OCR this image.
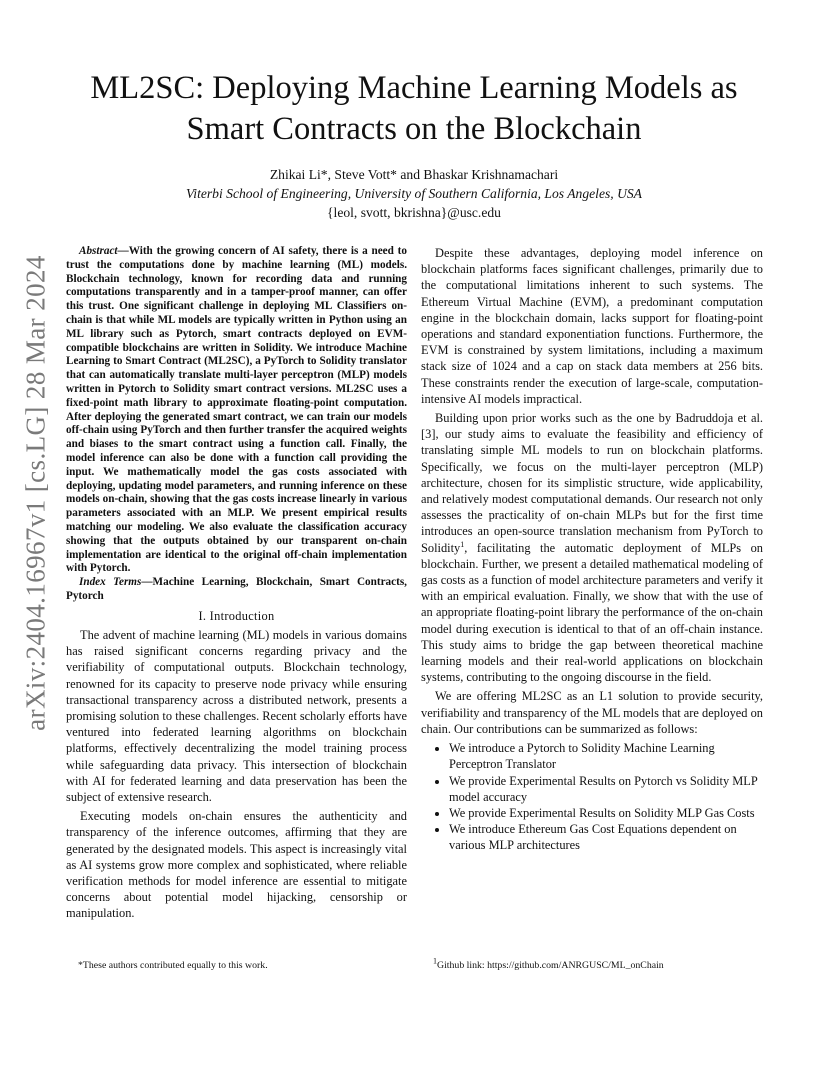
arXiv:2404.16967v1 [cs.LG] 28 Mar 2024
ML2SC: Deploying Machine Learning Models as
Smart Contracts on the Blockchain
Zhikai Li*, Steve Vott* and Bhaskar Krishnamachari
Viterbi School of Engineering, University of Southern California, Los Angeles, USA
{leol, svott, bkrishna}@usc.edu

Abstract—With the growing concern of AI safety, there is a need to trust the computations done by machine learning (ML) models. Blockchain technology, known for recording data and running computations transparently and in a tamper-proof manner, can offer this trust. One significant challenge in deploying ML Classifiers on-chain is that while ML models are typically written in Python using an ML library such as Pytorch, smart contracts deployed on EVM-compatible blockchains are written in Solidity. We introduce Machine Learning to Smart Contract (ML2SC), a PyTorch to Solidity translator that can automatically translate multi-layer perceptron (MLP) models written in Pytorch to Solidity smart contract versions. ML2SC uses a fixed-point math library to approximate floating-point computation. After deploying the generated smart contract, we can train our models off-chain using PyTorch and then further transfer the acquired weights and biases to the smart contract using a function call. Finally, the model inference can also be done with a function call providing the input. We mathematically model the gas costs associated with deploying, updating model parameters, and running inference on these models on-chain, showing that the gas costs increase linearly in various parameters associated with an MLP. We present empirical results matching our modeling. We also evaluate the classification accuracy showing that the outputs obtained by our transparent on-chain implementation are identical to the original off-chain implementation with Pytorch.

Index Terms—Machine Learning, Blockchain, Smart Contracts, Pytorch

I. Introduction

The advent of machine learning (ML) models in various domains has raised significant concerns regarding privacy and the verifiability of computational outputs. Blockchain technology, renowned for its capacity to preserve node privacy while ensuring transactional transparency across a distributed network, presents a promising solution to these challenges. Recent scholarly efforts have ventured into federated learning algorithms on blockchain platforms, effectively decentralizing the model training process while safeguarding data privacy. This intersection of blockchain with AI for federated learning and data preservation has been the subject of extensive research.

Executing models on-chain ensures the authenticity and transparency of the inference outcomes, affirming that they are generated by the designated models. This aspect is increasingly vital as AI systems grow more complex and sophisticated, where reliable verification methods for model inference are essential to mitigate concerns about potential model hijacking, censorship or manipulation.

Despite these advantages, deploying model inference on blockchain platforms faces significant challenges, primarily due to the computational limitations inherent to such systems. The Ethereum Virtual Machine (EVM), a predominant computation engine in the blockchain domain, lacks support for floating-point operations and standard exponentiation functions. Furthermore, the EVM is constrained by system limitations, including a maximum stack size of 1024 and a cap on stack data members at 256 bits. These constraints render the execution of large-scale, computation-intensive AI models impractical.

Building upon prior works such as the one by Badruddoja et al. [3], our study aims to evaluate the feasibility and efficiency of translating simple ML models to run on blockchain platforms. Specifically, we focus on the multi-layer perceptron (MLP) architecture, chosen for its simplistic structure, wide applicability, and relatively modest computational demands. Our research not only assesses the practicality of on-chain MLPs but for the first time introduces an open-source translation mechanism from PyTorch to Solidity$^1$, facilitating the automatic deployment of MLPs on blockchain. Further, we present a detailed mathematical modeling of gas costs as a function of model architecture parameters and verify it with an empirical evaluation. Finally, we show that with the use of an appropriate floating-point library the performance of the on-chain model during execution is identical to that of an off-chain instance. This study aims to bridge the gap between theoretical machine learning models and their real-world applications on blockchain systems, contributing to the ongoing discourse in the field.

We are offering ML2SC as an L1 solution to provide security, verifiability and transparency of the ML models that are deployed on chain. Our contributions can be summarized as follows:

• We introduce a Pytorch to Solidity Machine Learning Perceptron Translator
• We provide Experimental Results on Pytorch vs Solidity MLP model accuracy
• We provide Experimental Results on Solidity MLP Gas Costs
• We introduce Ethereum Gas Cost Equations dependent on various MLP architectures
*These authors contributed equally to this work.	$^1$Github link: https://github.com/ANRGUSC/ML_onChain
